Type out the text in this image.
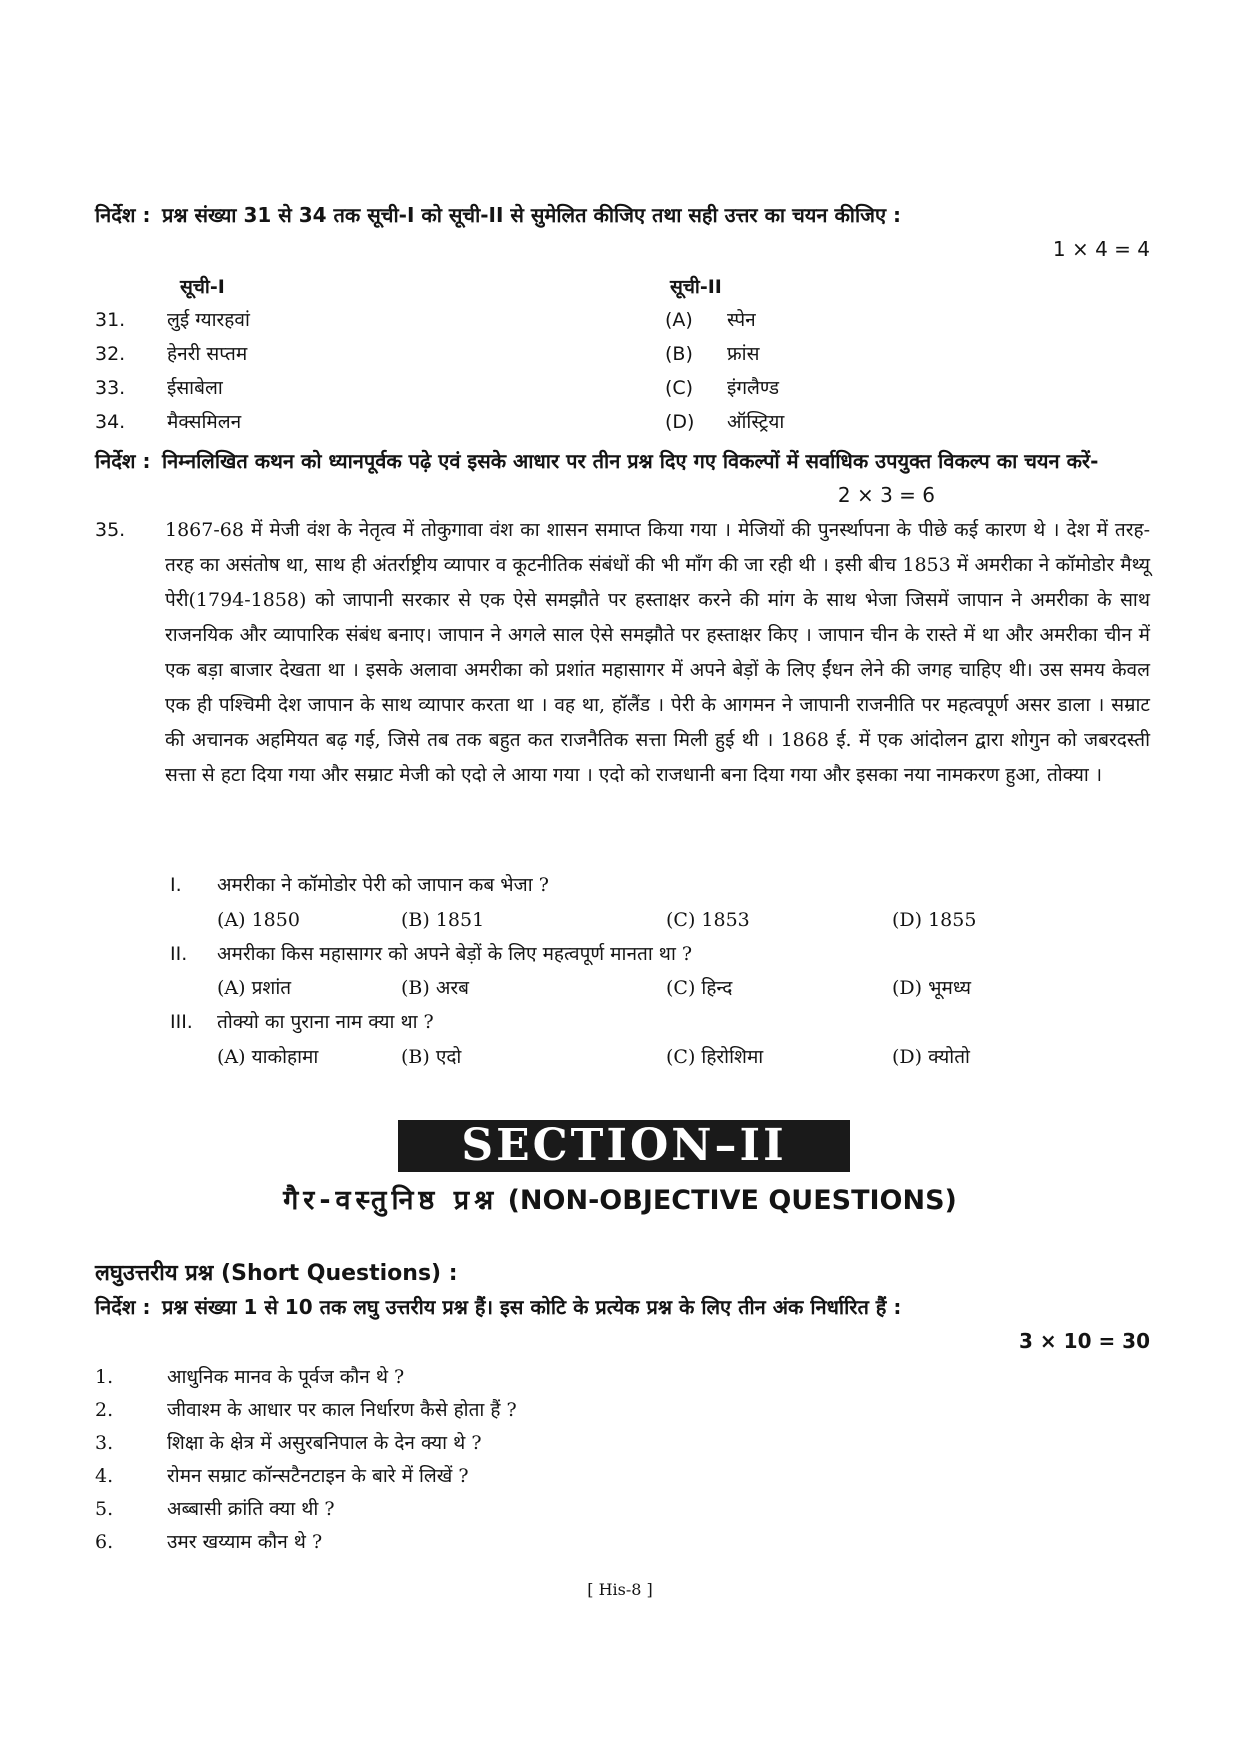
निर्देश : प्रश्न संख्या 31 से 34 तक सूची-I को सूची-II से सुमेलित कीजिए तथा सही उत्तर का चयन कीजिए :
1 × 4 = 4
सूची-I	सूची-II
31. लुई ग्यारहवां	(A) स्पेन
32. हेनरी सप्तम	(B) फ्रांस
33. ईसाबेला	(C) इंगलैण्ड
34. मैक्समिलन	(D) ऑस्ट्रिया
निर्देश : निम्नलिखित कथन को ध्यानपूर्वक पढ़े एवं इसके आधार पर तीन प्रश्न दिए गए विकल्पों में सर्वाधिक उपयुक्त विकल्प का चयन करें-
2 × 3 = 6
35. 1867-68 में मेजी वंश के नेतृत्व में तोकुगावा वंश का शासन समाप्त किया गया । मेजियों की पुनर्स्थापना के पीछे कई कारण थे । देश में तरह-तरह का असंतोष था, साथ ही अंतर्राष्ट्रीय व्यापार व कूटनीतिक संबंधों की भी माँग की जा रही थी । इसी बीच 1853 में अमरीका ने कॉमोडोर मैथ्यू पेरी(1794-1858) को जापानी सरकार से एक ऐसे समझौते पर हस्ताक्षर करने की मांग के साथ भेजा जिसमें जापान ने अमरीका के साथ राजनयिक और व्यापारिक संबंध बनाए। जापान ने अगले साल ऐसे समझौते पर हस्ताक्षर किए । जापान चीन के रास्ते में था और अमरीका चीन में एक बड़ा बाजार देखता था । इसके अलावा अमरीका को प्रशांत महासागर में अपने बेड़ों के लिए ईंधन लेने की जगह चाहिए थी। उस समय केवल एक ही पश्चिमी देश जापान के साथ व्यापार करता था । वह था, हॉलैंड । पेरी के आगमन ने जापानी राजनीति पर महत्वपूर्ण असर डाला । सम्राट की अचानक अहमियत बढ़ गई, जिसे तब तक बहुत कत राजनैतिक सत्ता मिली हुई थी । 1868 ई. में एक आंदोलन द्वारा शोगुन को जबरदस्ती सत्ता से हटा दिया गया और सम्राट मेजी को एदो ले आया गया । एदो को राजधानी बना दिया गया और इसका नया नामकरण हुआ, तोक्या ।
I. अमरीका ने कॉमोडोर पेरी को जापान कब भेजा ?
(A) 1850	(B) 1851	(C) 1853	(D) 1855
II. अमरीका किस महासागर को अपने बेड़ों के लिए महत्वपूर्ण मानता था ?
(A) प्रशांत	(B) अरब	(C) हिन्द	(D) भूमध्य
III. तोक्यो का पुराना नाम क्या था ?
(A) याकोहामा	(B) एदो	(C) हिरोशिमा	(D) क्योतो
SECTION–II
गैर-वस्तुनिष्ठ प्रश्न (NON-OBJECTIVE QUESTIONS)
लघुउत्तरीय प्रश्न (Short Questions) :
निर्देश : प्रश्न संख्या 1 से 10 तक लघु उत्तरीय प्रश्न हैं। इस कोटि के प्रत्येक प्रश्न के लिए तीन अंक निर्धारित हैं :
3 × 10 = 30
1.	आधुनिक मानव के पूर्वज कौन थे ?
2.	जीवाश्म के आधार पर काल निर्धारण कैसे होता हैं ?
3.	शिक्षा के क्षेत्र में असुरबनिपाल के देन क्या थे ?
4.	रोमन सम्राट कॉन्सटैनटाइन के बारे में लिखें ?
5.	अब्बासी क्रांति क्या थी ?
6.	उमर खय्याम कौन थे ?
[ His-8 ]
